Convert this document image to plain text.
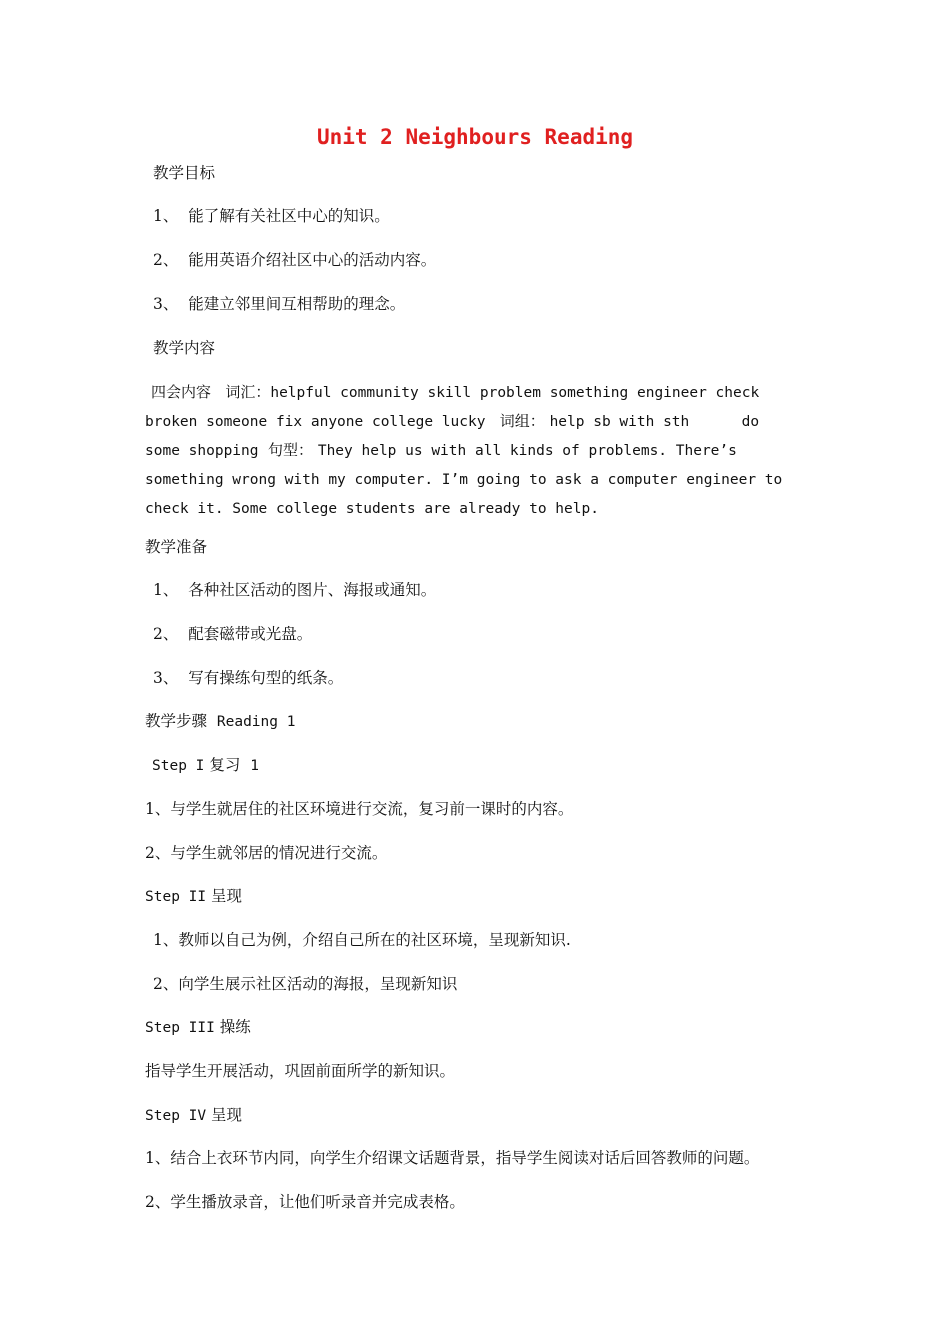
Unit 2 Neighbours Reading
教学目标
1、 能了解有关社区中心的知识。
2、 能用英语介绍社区中心的活动内容。
3、 能建立邻里间互相帮助的理念。
教学内容
四会内容 词汇：helpful community skill problem something engineer check broken someone fix anyone college lucky 词组： help sb with sth      do some shopping 句型： They help us with all kinds of problems. There’s something wrong with my computer. I’m going to ask a computer engineer to check it. Some college students are already to help.
教学准备
1、 各种社区活动的图片、海报或通知。
2、 配套磁带或光盘。
3、 写有操练句型的纸条。
教学步骤 Reading 1
Step I 复习 1
1、与学生就居住的社区环境进行交流，复习前一课时的内容。
2、与学生就邻居的情况进行交流。
Step II 呈现
1、教师以自己为例，介绍自己所在的社区环境，呈现新知识.
2、向学生展示社区活动的海报，呈现新知识
Step III 操练
指导学生开展活动，巩固前面所学的新知识。
Step IV 呈现
1、结合上衣环节内同，向学生介绍课文话题背景，指导学生阅读对话后回答教师的问题。
2、学生播放录音，让他们听录音并完成表格。
